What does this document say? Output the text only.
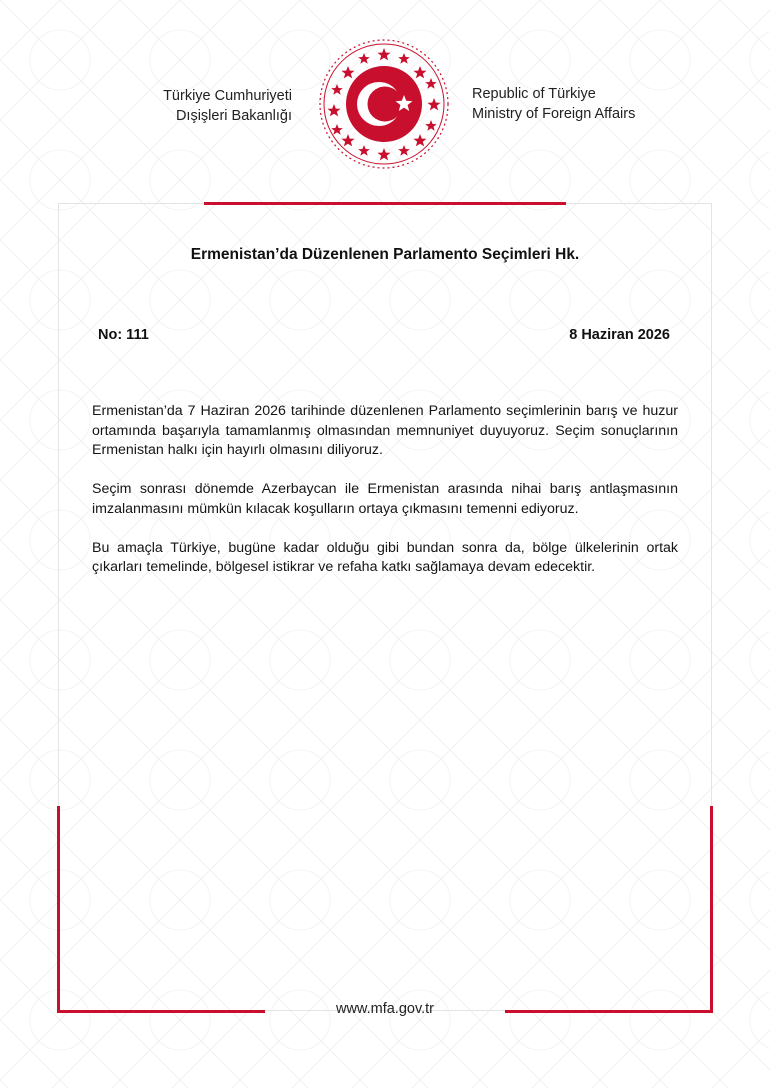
Türkiye Cumhuriyeti
Dışişleri Bakanlığı
Republic of Türkiye
Ministry of Foreign Affairs
Ermenistan’da Düzenlenen Parlamento Seçimleri Hk.
No: 111	8 Haziran 2026

Ermenistan’da 7 Haziran 2026 tarihinde düzenlenen Parlamento seçimlerinin barış ve huzur ortamında başarıyla tamamlanmış olmasından memnuniyet duyuyoruz. Seçim sonuçlarının Ermenistan halkı için hayırlı olmasını diliyoruz.

Seçim sonrası dönemde Azerbaycan ile Ermenistan arasında nihai barış antlaşmasının imzalanmasını mümkün kılacak koşulların ortaya çıkmasını temenni ediyoruz.

Bu amaçla Türkiye, bugüne kadar olduğu gibi bundan sonra da, bölge ülkelerinin ortak çıkarları temelinde, bölgesel istikrar ve refaha katkı sağlamaya devam edecektir.

www.mfa.gov.tr
